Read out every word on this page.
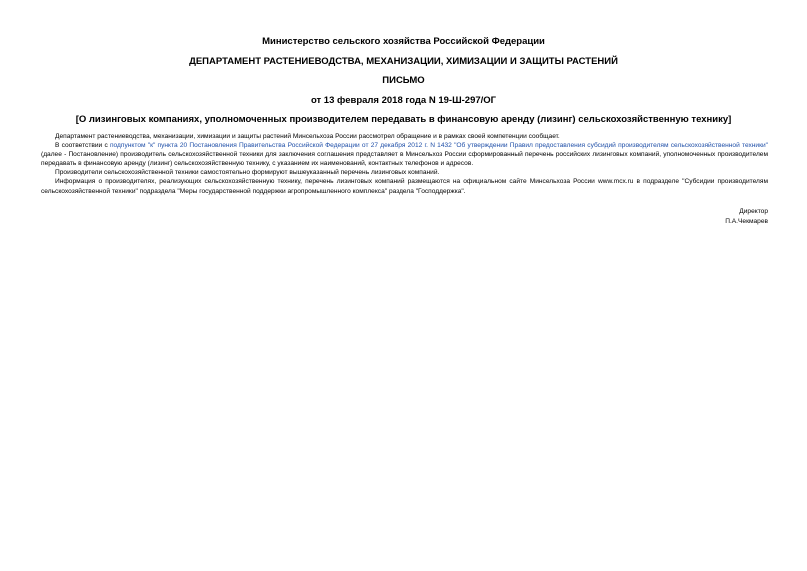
Министерство сельского хозяйства Российской Федерации
ДЕПАРТАМЕНТ РАСТЕНИЕВОДСТВА, МЕХАНИЗАЦИИ, ХИМИЗАЦИИ И ЗАЩИТЫ РАСТЕНИЙ
ПИСЬМО
от 13 февраля 2018 года N 19-Ш-297/ОГ
[О лизинговых компаниях, уполномоченных производителем передавать в финансовую аренду (лизинг) сельскохозяйственную технику]

Департамент растениеводства, механизации, химизации и защиты растений Минсельхоза России рассмотрел обращение и в рамках своей компетенции сообщает.

В соответствии с подпунктом "к" пункта 20 Постановления Правительства Российской Федерации от 27 декабря 2012 г. N 1432 "Об утверждении Правил предоставления субсидий производителям сельскохозяйственной техники" (далее - Постановление) производитель сельскохозяйственной техники для заключения соглашения представляет в Минсельхоз России сформированный перечень российских лизинговых компаний, уполномоченных производителем передавать в финансовую аренду (лизинг) сельскохозяйственную технику, с указанием их наименований, контактных телефонов и адресов.

Производители сельскохозяйственной техники самостоятельно формируют вышеуказанный перечень лизинговых компаний.

Информация о производителях, реализующих сельскохозяйственную технику, перечень лизинговых компаний размещаются на официальном сайте Минсельхоза России www.mcx.ru в подразделе "Субсидии производителям сельскохозяйственной техники" подраздела "Меры государственной поддержки агропромышленного комплекса" раздела "Господдержка".

Директор
П.А.Чекмарев
